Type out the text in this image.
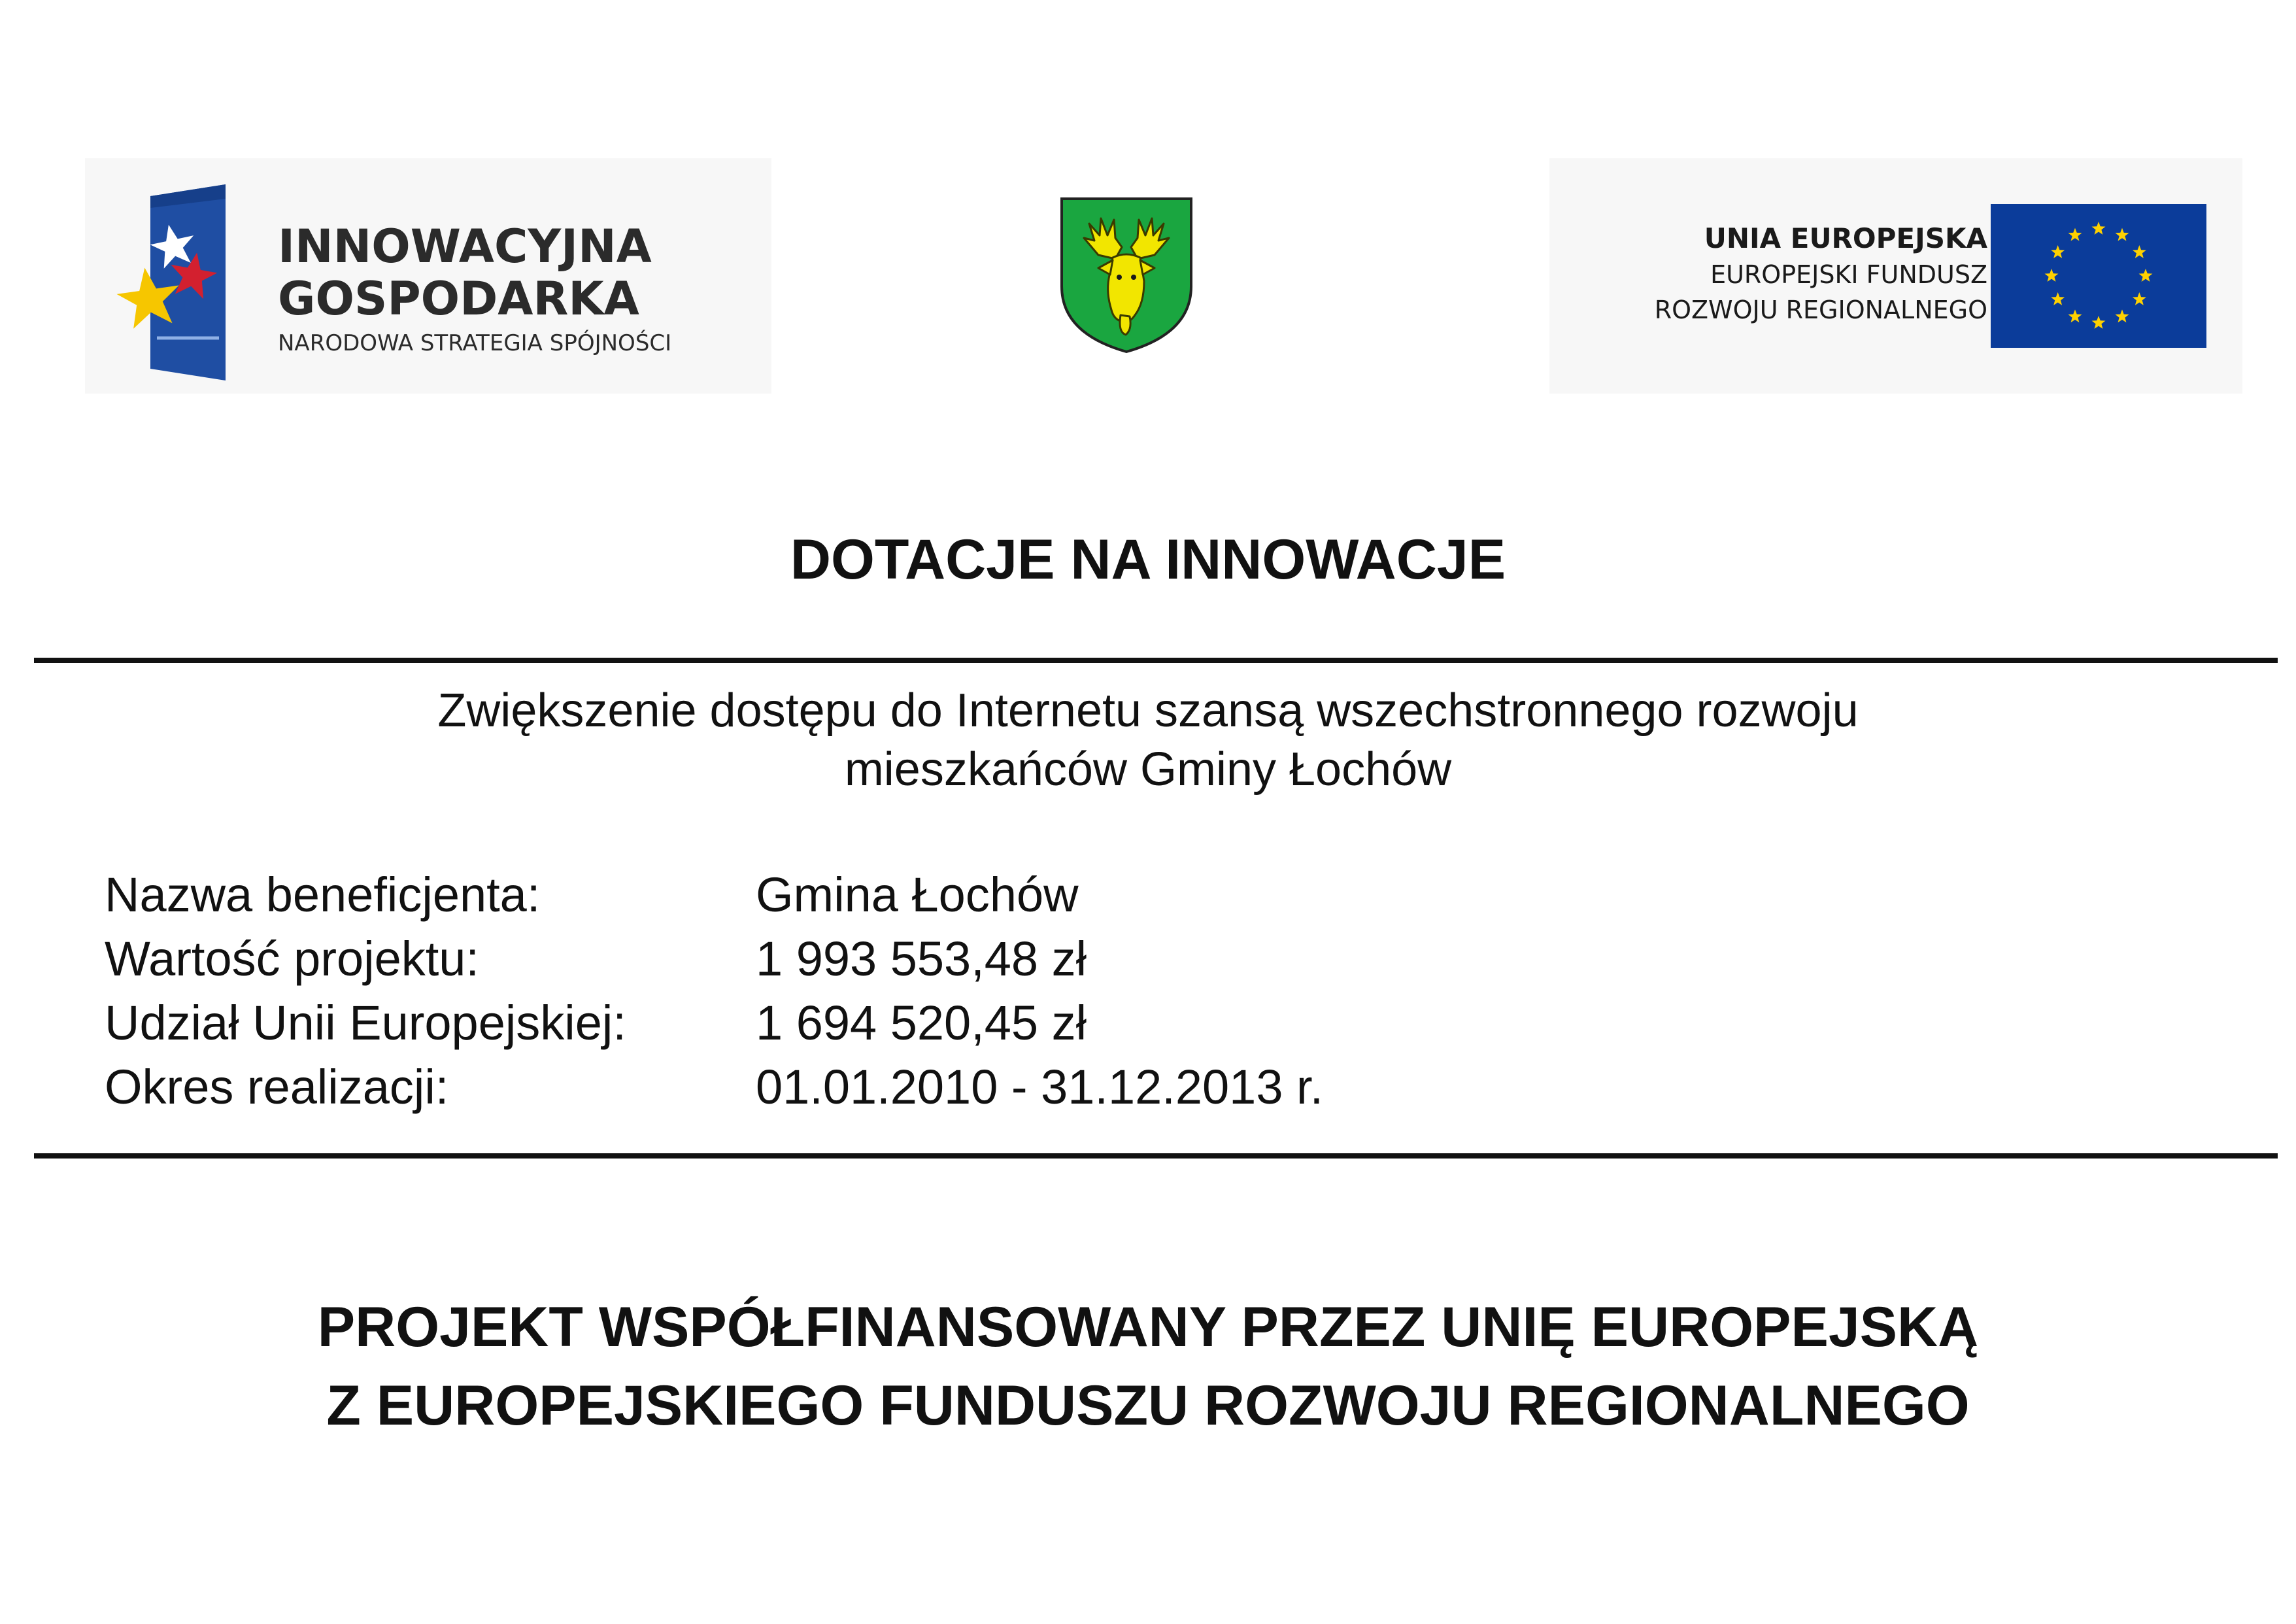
INNOWACYJNA
GOSPODARKA
NARODOWA STRATEGIA SPÓJNOŚCI
UNIA EUROPEJSKA
EUROPEJSKI FUNDUSZ
ROZWOJU REGIONALNEGO
DOTACJE NA INNOWACJE
Zwiększenie dostępu do Internetu szansą wszechstronnego rozwoju
mieszkańców Gminy Łochów
Nazwa beneficjenta:	Gmina Łochów
Wartość projektu:	1 993 553,48 zł
Udział Unii Europejskiej:	1 694 520,45 zł
Okres realizacji:	01.01.2010 - 31.12.2013 r.
PROJEKT WSPÓŁFINANSOWANY PRZEZ UNIĘ EUROPEJSKĄ
Z EUROPEJSKIEGO FUNDUSZU ROZWOJU REGIONALNEGO
